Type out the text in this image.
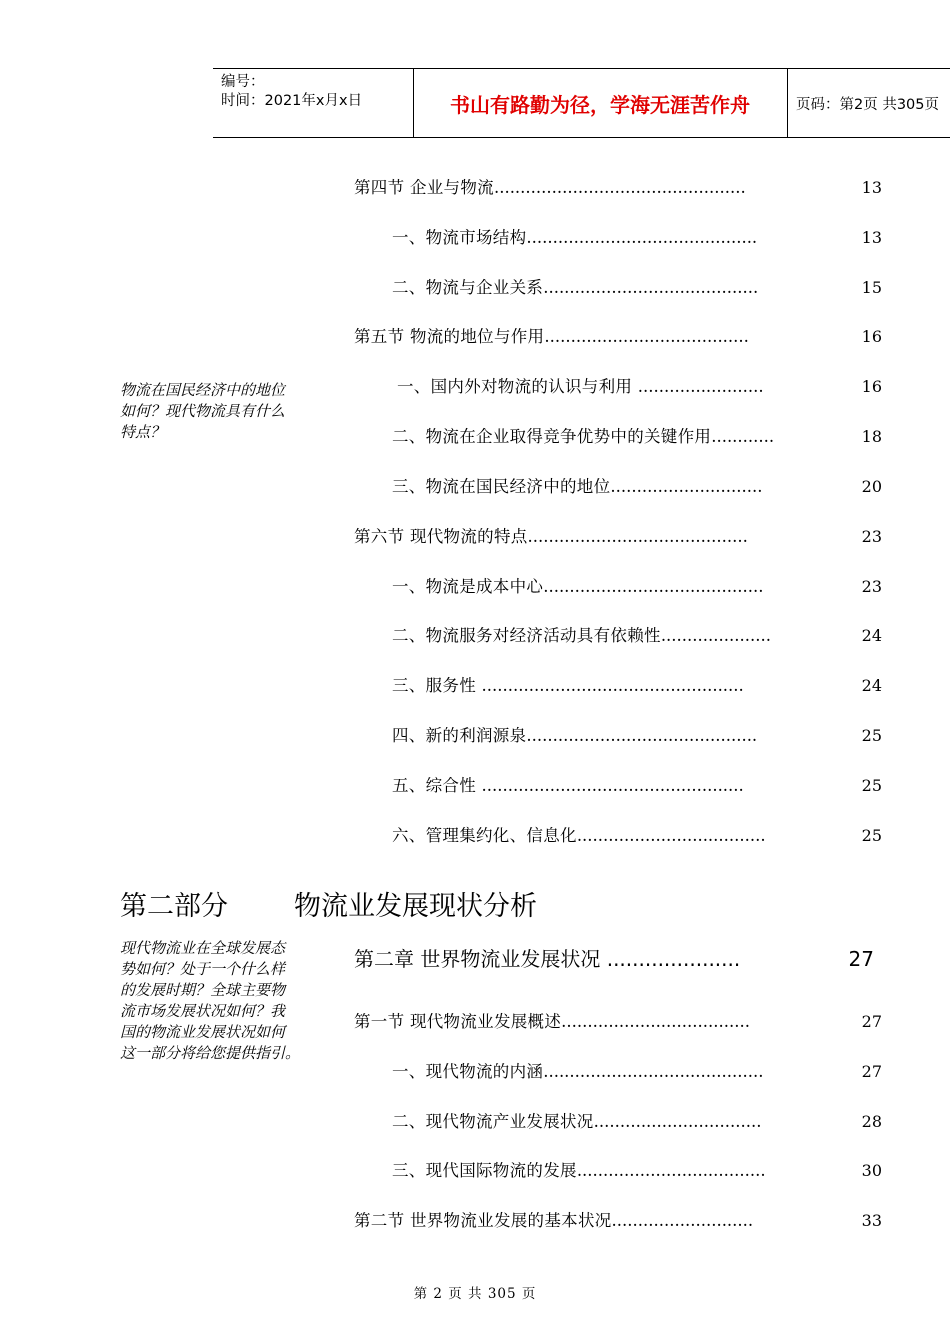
编号：
时间：2021年x月x日	书山有路勤为径，学海无涯苦作舟	页码：第2页 共305页
第四节 企业与物流................................................	13
一、物流市场结构............................................	13
二、物流与企业关系.........................................	15
第五节 物流的地位与作用.......................................	16
一、国内外对物流的认识与利用 ........................	16
二、物流在企业取得竞争优势中的关键作用............	18
三、物流在国民经济中的地位.............................	20
第六节 现代物流的特点..........................................	23
一、物流是成本中心..........................................	23
二、物流服务对经济活动具有依赖性.....................	24
三、服务性 ..................................................	24
四、新的利润源泉............................................	25
五、综合性 ..................................................	25
六、管理集约化、信息化....................................	25
物流在国民经济中的地位
如何？现代物流具有什么
特点？
第二部分 物流业发展现状分析
现代物流业在全球发展态
势如何？处于一个什么样
的发展时期？全球主要物
流市场发展状况如何？我
国的物流业发展状况如何
这一部分将给您提供指引。
第二章 世界物流业发展状况 .....................	27
第一节 现代物流业发展概述....................................	27
一、现代物流的内涵..........................................	27
二、现代物流产业发展状况................................	28
三、现代国际物流的发展....................................	30
第二节 世界物流业发展的基本状况...........................	33
第 2 页 共 305 页
